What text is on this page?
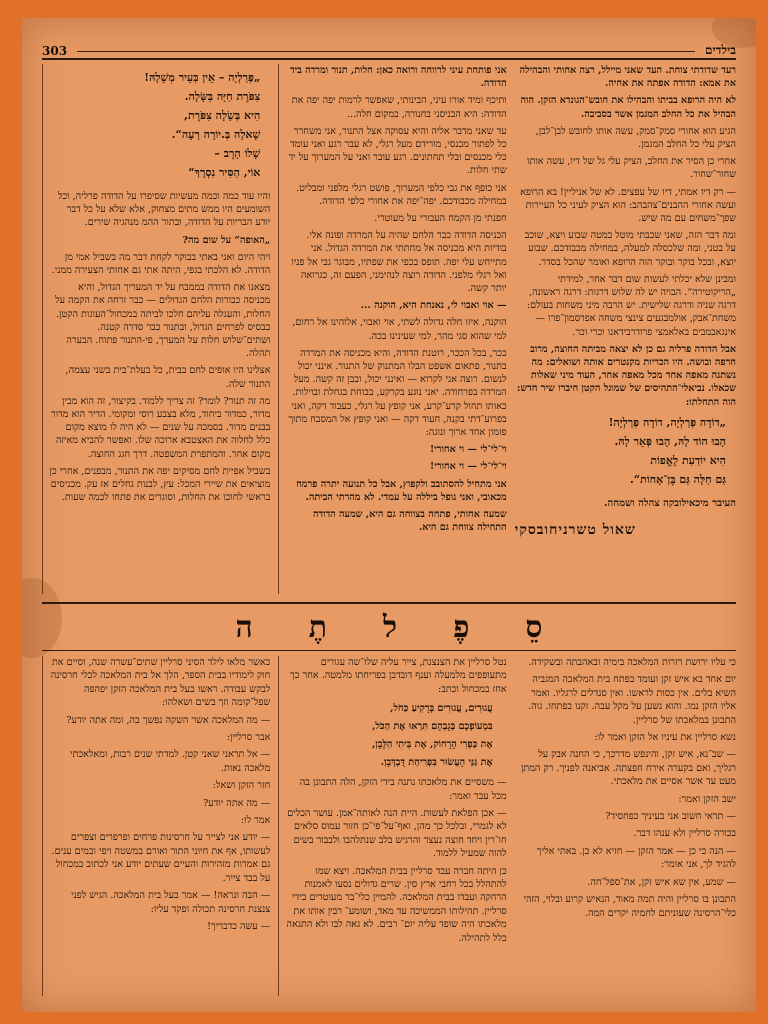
303	בילדים
„פְּרַלְיָה – אֵין בְּעֵיר מְשָׁלָהּ!
צִפֹּרֶת חַיָּה בַּשָּׂלָה.
הִיא בְּשָׂלָה צִפֹּרֶת,
שָׁאלָה בְּ.יוֹרָה רָעָה“.
שָׁלוֹ הָרֶב –
אוֹי, הַסִּיר נִסְרָךְ“

והיו עוד כמה וכמה מעשיות שסיפרו על הדודה פרליה, וכל השומעים היו ממש מתים מצחוק, אלא שלא על כל דבר יודע הבריות על הדודה, ובתור ההמ מנהגיה שירים.

„האופה“ על שום מה?

ויהי היום ואני באתי בבוקר לקחת דבר מה בשביל אמי מן הדודה. לא הלכתי בגפי, היתה אתי גם אחותי הצעירה ממני.

מצאנו את הדודה בממבח על יד המעריך הגדול, והיא מכניסה כבורות הלחם הגדולים — כבר זרחה את הקמה על החלות, והעגלה עליהם חלכו לביתה במכחול־העוגות הקטן. כבסיס לפרחים הגדול, ובתנור כבר סדרה קטנה. ושתים־שלוש חלות על המערך, פי-התנור פתוח. הבערה תהלה.

אצלינו היו אופים לחם בבית, כל בעלת־בית בשני עצמה, התנור שלה.

מה זה תנור? לומר? זה צריך ללמוד. בקיצור, זה הוא מבין מדור, כמדור ביחוד, מלא בצבע רוסי ומקומי. הדיר הוא מדור בבנים מדור. בסמכה על שנים — לא היה לו מוצא מקום כלל לחלוה את האצטבא ארוכה שלו. ואפשר להביא מאיזה מקום אחר. והמתפרת המשפטה. דרך חגג החוצה.

בשביל אפיית לחם מסיקים יפה את התנור, מבפנים, אחרי כן מוציאים את שיירי המכל: עץ, לבנות גחלים אז עק. מכניסים בראשי לחוכו את החלות, וסוגרים את פתחו לכמה שעות.

אני פותחת עיני לרווחה ורואה כאן: חלות, תנור ומרדה ביד הדודה.

ותיכף ומיד אורו עיני, הבינותי, שאפשר לרמות יפה יפה את הדודה: היא הבניסני בחנורה, במקום חלה...

עד שאני מדבר אליה והיא עסוקה אצל התנור, אני משחרר כל לפתור מכנסי, מורידם מעל רגלי, לא עבר רגע ואני עומד כלי מכנסים ובלי תחתונים. רגע עובר ואני על המערוך על יד שתי חלות.

אני כופף את גבי כלפי המערוך, פושט רגלי מלפני ומבליט. במחילה מכבודכם. יפה־יפה את אחורי כלפי הדודה.

חפנתי מן הקמח העבורי על מעוטרי.

הכניסה הדודה כבר הלחם שהיה על המרדה ופונה אלי. בודיות היא מכניסה אל מחתתי את המרדה הגדול. אני מתייחש עלי יפה. תופס בכפי את שפתיו, מבוגר גבי אל פניו ואל רגלי מלפני. הדודה רוצה לנהימני, הפעם זה, כגרואה יותר קשה.

— אוי ואבוי לי, נאנחת היא, הוקנה ...

הוקנה, איזו חלה גדולה לשתי, אוי ואבוי, אלוהינו אל רחום, למי שהוא סגי מהר, למי שעינינו בכה.

ככר, בכל הככר, רוטנת הדודה, והיא מכניסה את המרדה בתנור, פתאום אשפט הבלו המתנוק של התנור. אינני יכול לנשום. רוצה אני לקרוא — ואינני יכול, ובבן זה קשה. מעל המרדה בפרחודה. יאני נוגע בקרקע, בבוחת בגחלת ובוילות. כאותו תחול קרע־קרע, אני קופץ על רגלי, כעבוד דקה, ואני בפרוע־דתי בקנה, חעוד דקה — ואני קופץ אל המסבח מתוך פזמון אחד ארוך ונוגה:

וי־לי־לי — וי אחורי!

וי־לי־לי — וי אחורי!

אני מתחיל להסתובב ולקפוץ, אבל כל תנועה יתרה פרמח מכאובי, ואני נופל ביללה על עמדי. לא מהרתי הביתה.

שמעה אחותי, פתחה בצווחה גם היא, שמעה הדודה התחילה צווחת גם היא.

רעד שדודתי צוחת. העד שאני מיילל, רצה אחותי והבהילה את אמא: הדודה אפתה את אחיה.

לא היה הרופא בביתו והבהילו את חובש־הגונדא הזקן. הוה הבהיל את כל החלב המגמן אשר בסביבה.

הגיע הוא אחורי סמק־סמק, עשה אותו לחובש לבן־לבן, הציק עלי כל החלב המגמן.

אחרי כן הסיר את החלב, הציק עלי גל של דיו, עשה אותו שחור־שחור.

— רק דיו אמתי, דיו של עפצים. לא של אניליין! בא הרופא ועשה אחורי ההבנים־צהבהב: הוא הציק לעיני כל העיירות שפך־משחים עם מה שיש.

ומה דבר הזה, שאני שכבתי מוטל במטה שבוע ויצא, שוכב על בטני, ומה שלכסלה למעלה, במחילה מכבודכם. שבוע יוצא, ובכל בוקר ובוקר הוה הרופא ואומר שהכל בסדר.

ומבינן שלא יכלתי לעשות שום דבר אחר, למידתי „הריקוטירה“. הבויה יש לה שלוש דרגות: דרגה ראשונה, דרגה שניה ודרגה שלישית. יש הרבה מיני משחות בעולם: משחת־אבק, אולמבגעים צינצי משחה אפרסמון־פרו — אינגאבמבים באלאמצי פרודרבידאנו וכרי וכר.

אבל הדודה פרליה גם כן לא יצאה מביתה החוצה, מרוב חרפה ובושה. היו הכריות מקנטרים אותה ושואלים: מה נשתנה מאפה אחד מכל מאפה אחר, העוד מיני שאלות שכאלו. נביאלי־התהיסים של שמוגל הקטן חיברו שיר חדש: הוה התחלתו:

„דוֹדָה פְּרַלְיָה, דוֹדָה פְּרַלְיָה!
הָבוּ הוֹד לָהּ, הָבוּ פְּאֵר לָהּ.
הִיא יוֹדַעַת לֶאֱפוֹת
גַּם חַלָּה גַּם בֶּן־אָחוֹת“.
העיבר מיכאילובקה צהלה ושמחה.
שאול טשרניחובסקי
סֵ
פֶ
ל
תֶ
ה

כאשר מלאו לילד הסיני סרליין שתים־עשרה שנה, וסיים את חוק לימודיו בבית הספר, הלך אל בית המלאכה לכלי חרסינה לבקש עבודה. ראשו בעל בית המלאכה הזקן יפהפה שפל־קומה וזך בשים ושאלהו:

— מה המלאכה אשר השקה נפשך בה, ומה אתה יודע?

אבר סרליין:

— אל תראני שאני קטן. למדתי שנים רבות, ומאלאכתי מלאכה נאות.

חזר הזקן ושאל:

— מה אתה יודע?

אמר לו:

— יודע אני לצייר על חרסינות פרחים ופרפרים וצפרים לעשותו, אף את חיוני התור ואורם במשטה ויפי ובמים ענים. גם אמרות מזהירות והעיים שעתים יודע אני לכתוב במכחול על בבד צייר.

— הבה ונראה! — אמר בעל בית המלאכה. הגיש לפני צנצנת חרסינה תכולה ופקד עליו:

— עשה כדבריך!

נטל סרליין את הצנצנת, צייר עליה שלו־שה עגורים מתעופפים מלמעלה וענף דובדבן בפריחתו מלמטה. אחר כך אחז במכחול וכתב:

עֲגוּרִים, עֲגוּרִים בְּרָקִיעַ כַּחֹל,
בִּמְעוֹפְכֶם בְּגָבְהָם תִּרְאוּ אֶת הַכֹּל,
אֶת כַּפְרִי הָרָחוֹק, אֶת בֵּיתִי הַלָּבָן,
אֶת גַּנֵּי הָעֲשׂוּר בִּפְרִיחַת דֻּבְדְּבָן.

— משסיים את מלאכתו נתנה בידי הזקן, הלה התבונן בה מכל עבר ואמר:

— אכן הפלאת לעשות. היית הנה לאותה־אמן. עושר הכלים לא לגמרי, ובלכל כך מהן, ואף־על־פי־כן חזור עמוס סלאים חו־רין ויחד חוצה נעצר והרגיש בלב שנתלהבו ולבבור בשים להוה שמעיל ללמוד.

כן היתה חברה עבד סרליין בבית המלאכה. ויצא שמו להתהלל בכל רחבי ארץ סין. שרים גדולים נסעו לאמנות הרחקה ועבדו בבית המלאכה. להמיין כלי־בר מעוטרים בידי סרליין. תהילותו הממשיכה עד מאד, ושומע־ רבין אותו את מלאכתו היה שופד עליה יום־ רבים. לא גאה לבו ולא התגאה כלל לתהילה.

כי עליו ירושת רזרות המלאכה בימיה ובאהבתה ובשקידה.

יום אחד בא איש זקן ועומד בפתח בית המלאכה המגביה השיא בלים. אין כסות לראשו. ואין סנדלים לרגליו. ואמר אליו הזקן נמו. והוא נשען על מקל עבה. זקנו בפתחו. גוה. התבונן במלאכתו של סרליין.

נשא סרליין את עיניו אל הזקן ואמר לו:

— שב־נא, איש זקן, והינפש מדרכך, כי החנה אבק על רגליך, ואם בקערה אירח חפצתה. אביאנה לפניך. רק המתן מעט עד אשר אסיים את מלאכתי.

ישב הזקן ואמר:

— תראי חשוב אני בעיניך כפחסיד?

בכורה סרליין ולא ענהו דבר.

— הנה כי כן — אמר הזקן — חזיא לא כן. באתי אליך להגיד לך, אני אומר:

— שמע, אין שא איש זקן, את־ספל־חה.

התבונן בו סרליין והיה תמה מאוד, הנאיש קרוע ובלוי, הזהי כלי־הרסינה שעוניתם לחמיה יקרים המה.
